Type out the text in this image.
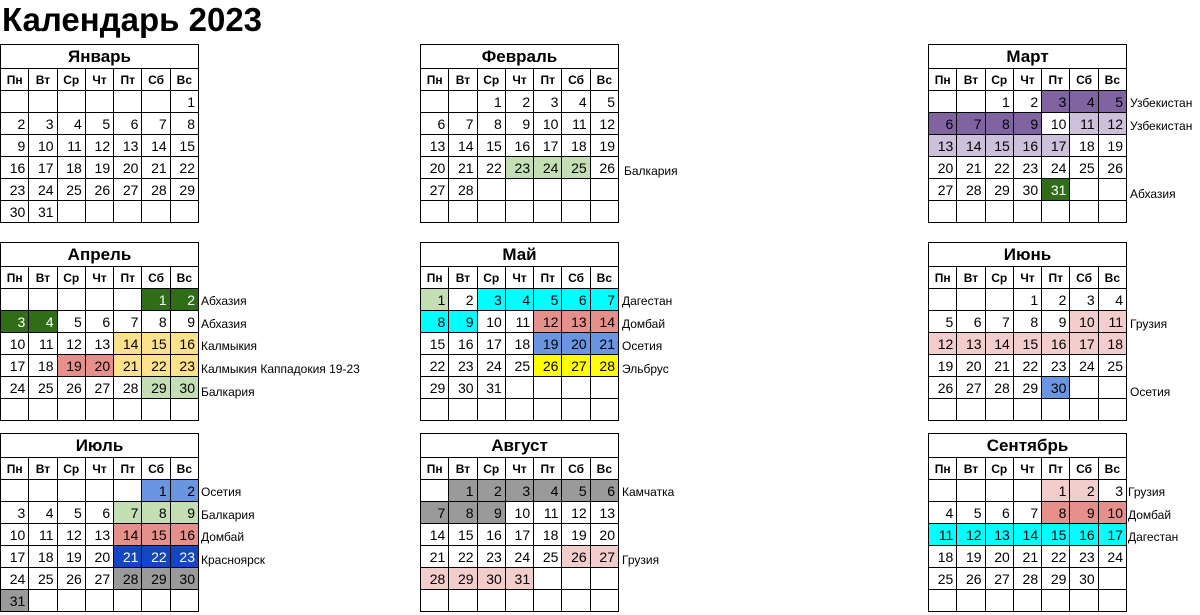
Календарь 2023
Январь
Пн	Вт	Ср	Чт	Пт	Сб	Вс
						1
2	3	4	5	6	7	8
9	10	11	12	13	14	15
16	17	18	19	20	21	22
23	24	25	26	27	28	29
30	31					
Февраль
Пн	Вт	Ср	Чт	Пт	Сб	Вс
		1	2	3	4	5
6	7	8	9	10	11	12
13	14	15	16	17	18	19
20	21	22	23	24	25	26
27	28					

Март
Пн	Вт	Ср	Чт	Пт	Сб	Вс
		1	2	3	4	5
6	7	8	9	10	11	12
13	14	15	16	17	18	19
20	21	22	23	24	25	26
27	28	29	30	31		

Апрель
Пн	Вт	Ср	Чт	Пт	Сб	Вс
					1	2
3	4	5	6	7	8	9
10	11	12	13	14	15	16
17	18	19	20	21	22	23
24	25	26	27	28	29	30

Май
Пн	Вт	Ср	Чт	Пт	Сб	Вс
1	2	3	4	5	6	7
8	9	10	11	12	13	14
15	16	17	18	19	20	21
22	23	24	25	26	27	28
29	30	31				

Июнь
Пн	Вт	Ср	Чт	Пт	Сб	Вс
			1	2	3	4
5	6	7	8	9	10	11
12	13	14	15	16	17	18
19	20	21	22	23	24	25
26	27	28	29	30		

Июль
Пн	Вт	Ср	Чт	Пт	Сб	Вс
					1	2
3	4	5	6	7	8	9
10	11	12	13	14	15	16
17	18	19	20	21	22	23
24	25	26	27	28	29	30
31						
Август
Пн	Вт	Ср	Чт	Пт	Сб	Вс
	1	2	3	4	5	6
7	8	9	10	11	12	13
14	15	16	17	18	19	20
21	22	23	24	25	26	27
28	29	30	31			

Сентябрь
Пн	Вт	Ср	Чт	Пт	Сб	Вс
				1	2	3
4	5	6	7	8	9	10
11	12	13	14	15	16	17
18	19	20	21	22	23	24
25	26	27	28	29	30	

Балкария
Узбекистан
Узбекистан
Абхазия
Абхазия
Абхазия
Калмыкия
Калмыкия Каппадокия 19-23
Балкария
Дагестан
Домбай
Осетия
Эльбрус
Грузия
Осетия
Осетия
Балкария
Домбай
Красноярск
Камчатка
Грузия
Грузия
Домбай
Дагестан
